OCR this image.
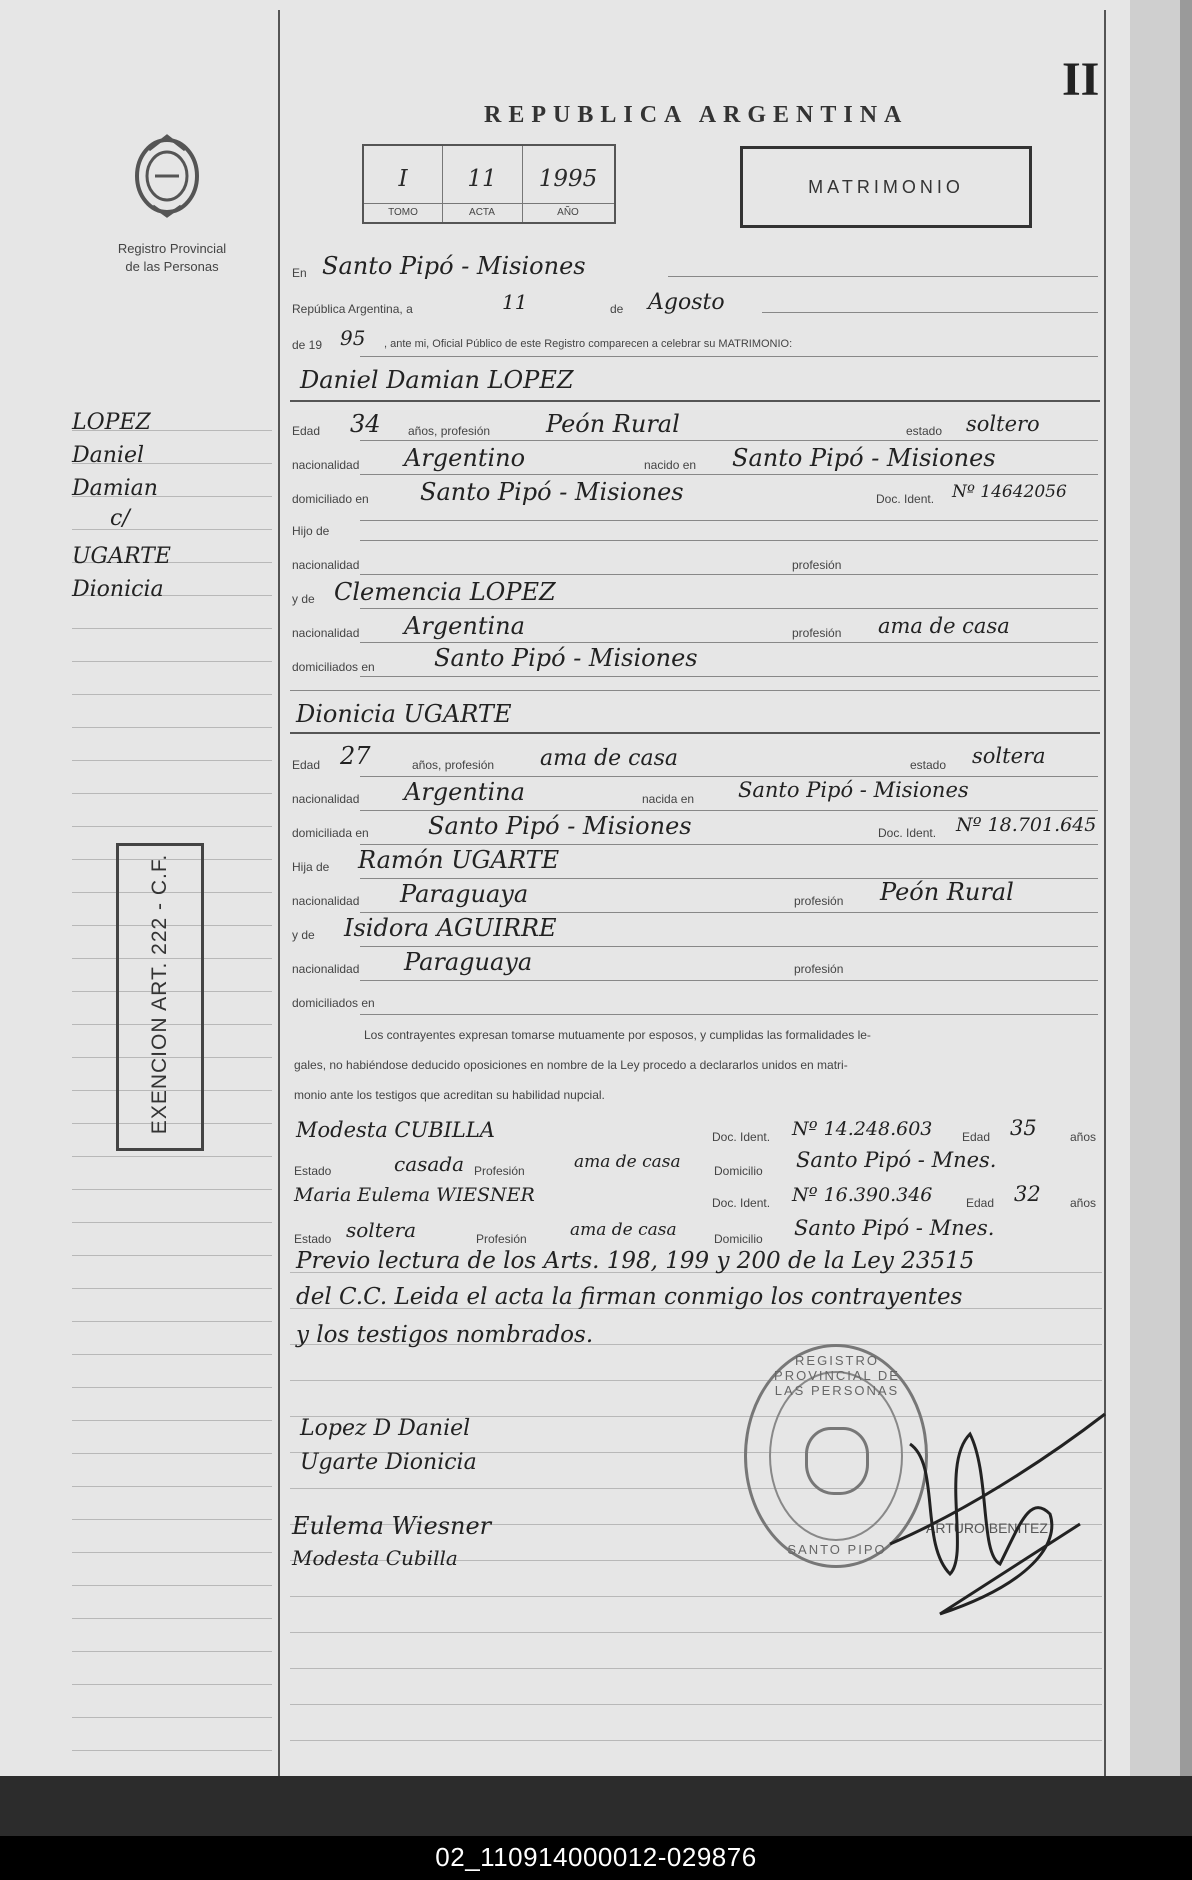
II
REPUBLICA ARGENTINA
Registro Provincial
de las Personas
I
TOMO
11
ACTA
1995
AÑO
MATRIMONIO
LOPEZ
Daniel
Damian
c/
UGARTE
Dionicia
EXENCION ART. 222 - C.F.
En Santo Pipó - Misiones
República Argentina, a	11	de Agosto
de 19 95 , ante mi, Oficial Público de este Registro comparecen a celebrar su MATRIMONIO:
Daniel Damian LOPEZ
Edad 34 años, profesión Peón Rural	estado soltero
nacionalidad Argentino	nacido en Santo Pipó - Misiones
domiciliado en Santo Pipó - Misiones	Doc. Ident. Nº 14642056
Hijo de
nacionalidad	profesión
y de Clemencia LOPEZ
nacionalidad Argentina	profesión ama de casa
domiciliados en Santo Pipó - Misiones
Dionicia UGARTE
Edad 27	años, profesión ama de casa	estado soltera
nacionalidad Argentina	nacida en Santo Pipó - Misiones
domiciliada en Santo Pipó - Misiones	Doc. Ident. Nº 18.701.645
Hija de Ramón UGARTE
nacionalidad Paraguaya	profesión Peón Rural
y de Isidora AGUIRRE
nacionalidad Paraguaya	profesión
domiciliados en
Los contrayentes expresan tomarse mutuamente por esposos, y cumplidas las formalidades le-
gales, no habiéndose deducido oposiciones en nombre de la Ley procedo a declararlos unidos en matri-
monio ante los testigos que acreditan su habilidad nupcial.
Modesta CUBILLA	Doc. Ident. Nº 14.248.603 Edad 35	años
Estado	casada Profesión	ama de casa	Domicilio Santo Pipó - Mnes.
Maria Eulema WIESNER	Doc. Ident. Nº 16.390.346	Edad 32 años
Estado soltera	Profesión	ama de casa	Domicilio Santo Pipó - Mnes.
Previo lectura de los Arts. 198, 199 y 200 de la Ley 23515
del C.C. Leida el acta la firman conmigo los contrayentes
y los testigos nombrados.
Lopez D Daniel
Ugarte Dionicia
Eulema Wiesner
Modesta Cubilla
REGISTRO PROVINCIAL DE LAS PERSONAS
SANTO PIPO
ARTURO BENITEZ
02_110914000012-029876
